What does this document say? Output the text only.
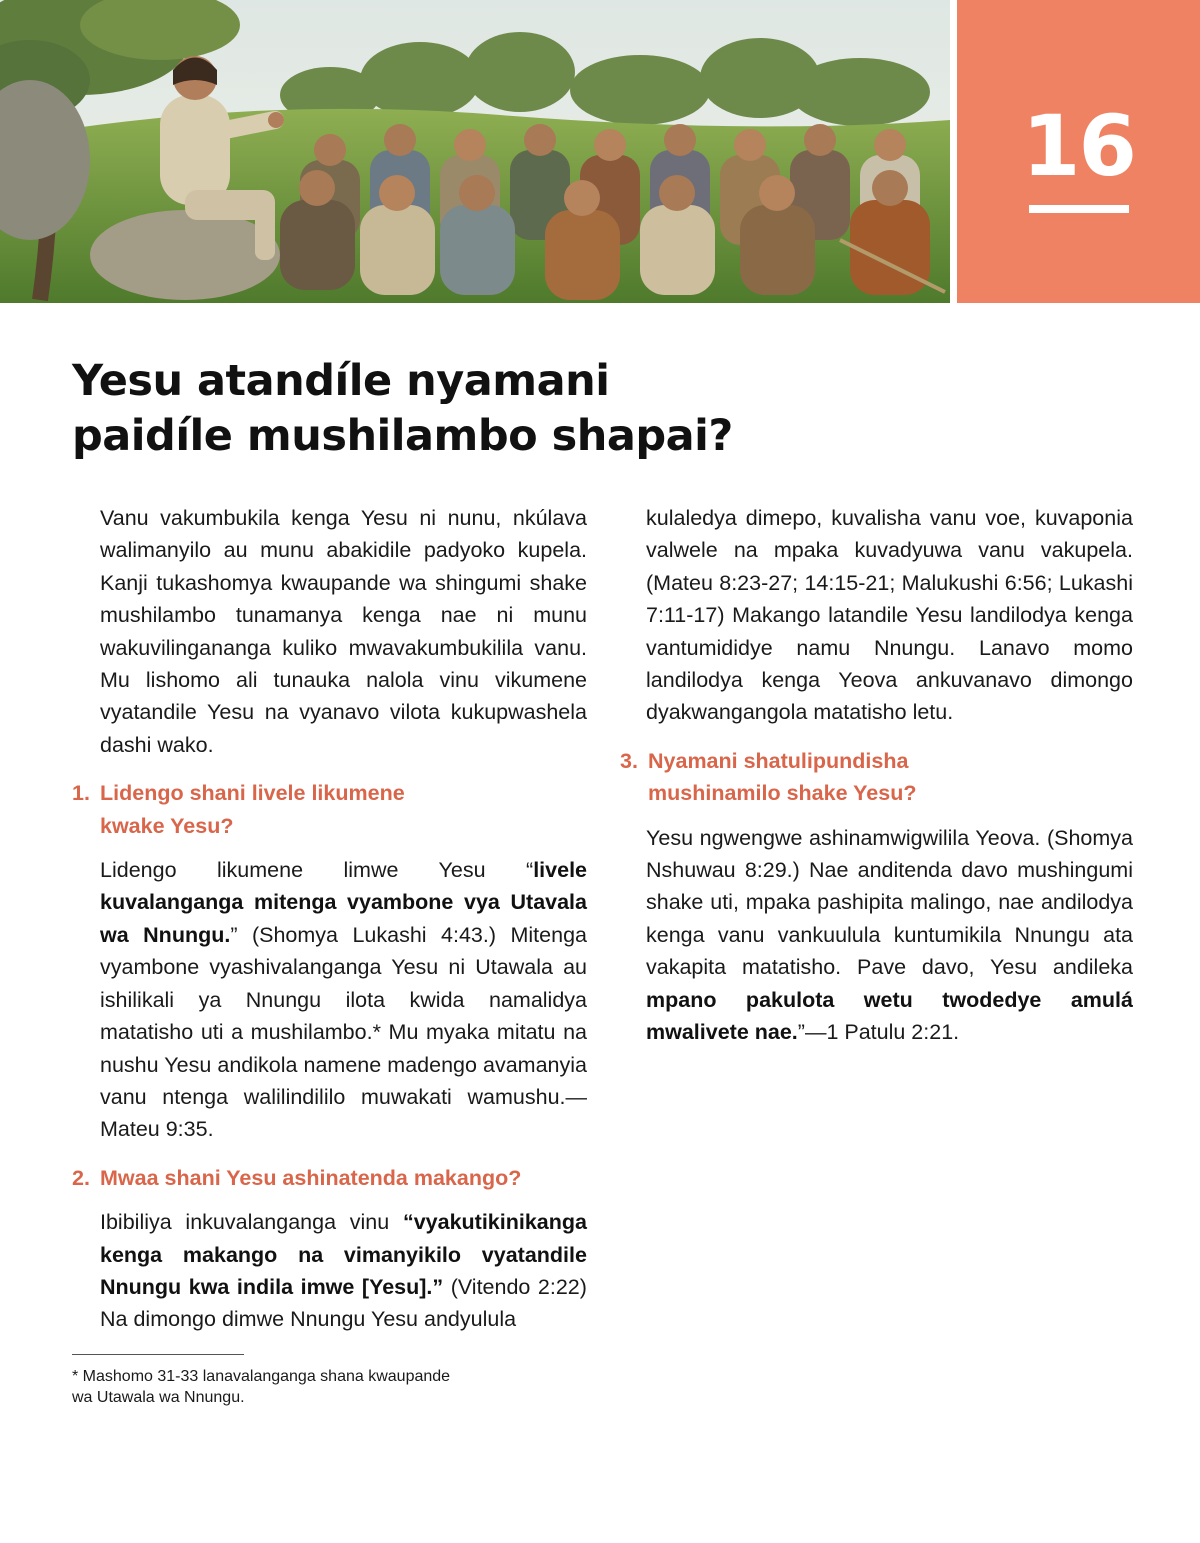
16
Yesu atandíle nyamani
paidíle mushilambo shapai?

Vanu vakumbukila kenga Yesu ni nunu, nkúlava walimanyilo au munu abakidile padyoko kupela. Kanji tukashomya kwaupande wa shingumi shake mushilambo tunamanya kenga nae ni munu wakuvilingananga kuliko mwavakumbukilila vanu. Mu lishomo ali tunauka nalola vinu vikumene vyatandile Yesu na vyanavo vilota kukupwashela dashi wako.

1. Lidengo shani livele likumene
kwake Yesu?

Lidengo likumene limwe Yesu “livele kuvalanganga mitenga vyambone vya Utavala wa Nnungu.” (Shomya Lukashi 4:43.) Mitenga vyambone vyashivalanganga Yesu ni Utawala au ishilikali ya Nnungu ilota kwida namalidya matatisho uti a mushilambo.* Mu myaka mitatu na nushu Yesu andikola namene madengo avamanyia vanu ntenga walilindililo muwakati wamushu.—Mateu 9:35.

2. Mwaa shani Yesu ashinatenda makango?

Ibibiliya inkuvalanganga vinu “vyakutikinikanga kenga makango na vimanyikilo vyatandile Nnungu kwa indila imwe [Yesu].” (Vitendo 2:22) Na dimongo dimwe Nnungu Yesu andyulula

kulaledya dimepo, kuvalisha vanu voe, kuvaponia valwele na mpaka kuvadyuwa vanu vakupela. (Mateu 8:23-27; 14:15-21; Malukushi 6:56; Lukashi 7:11-17) Makango latandile Yesu landilodya kenga vantumididye namu Nnungu. Lanavo momo landilodya kenga Yeova ankuvanavo dimongo dyakwangangola matatisho letu.

3. Nyamani shatulipundisha
mushinamilo shake Yesu?

Yesu ngwengwe ashinamwigwilila Yeova. (Shomya Nshuwau 8:29.) Nae anditenda davo mushingumi shake uti, mpaka pashipita malingo, nae andilodya kenga vanu vankuulula kuntumikila Nnungu ata vakapita matatisho. Pave davo, Yesu andileka mpano pakulota wetu twodedye amulá mwalivete nae.”—1 Patulu 2:21.

* Mashomo 31-33 lanavalanganga shana kwaupande
wa Utawala wa Nnungu.
